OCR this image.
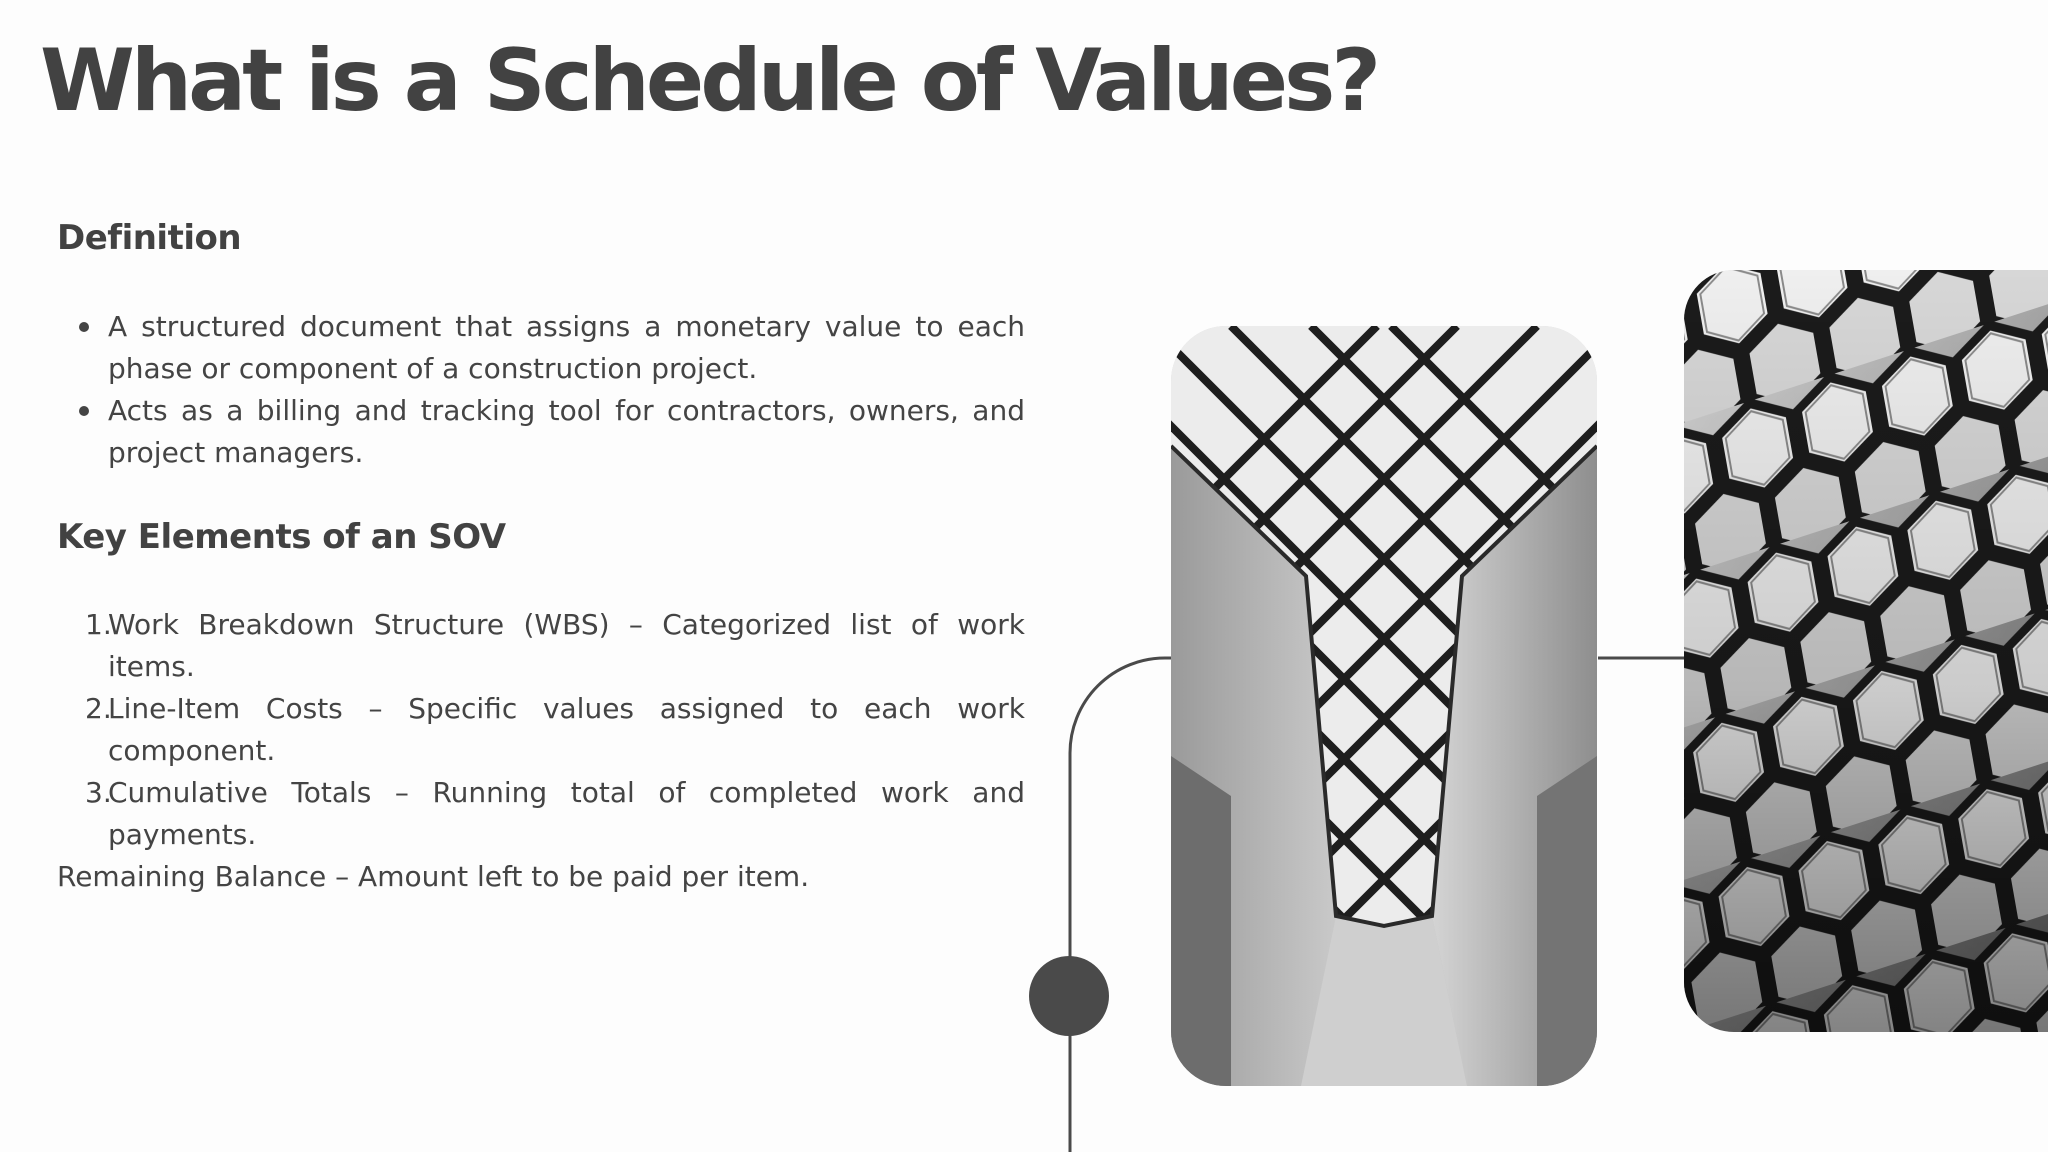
What is a Schedule of Values?
Definition
A structured document that assigns a monetary value to each phase or component of a construction project.
Acts as a billing and tracking tool for contractors, owners, and project managers.
Key Elements of an SOV
1.
Work Breakdown Structure (WBS) – Categorized list of work items.
2.
Line-Item Costs – Specific values assigned to each work component.
3.
Cumulative Totals – Running total of completed work and payments.
Remaining Balance – Amount left to be paid per item.
